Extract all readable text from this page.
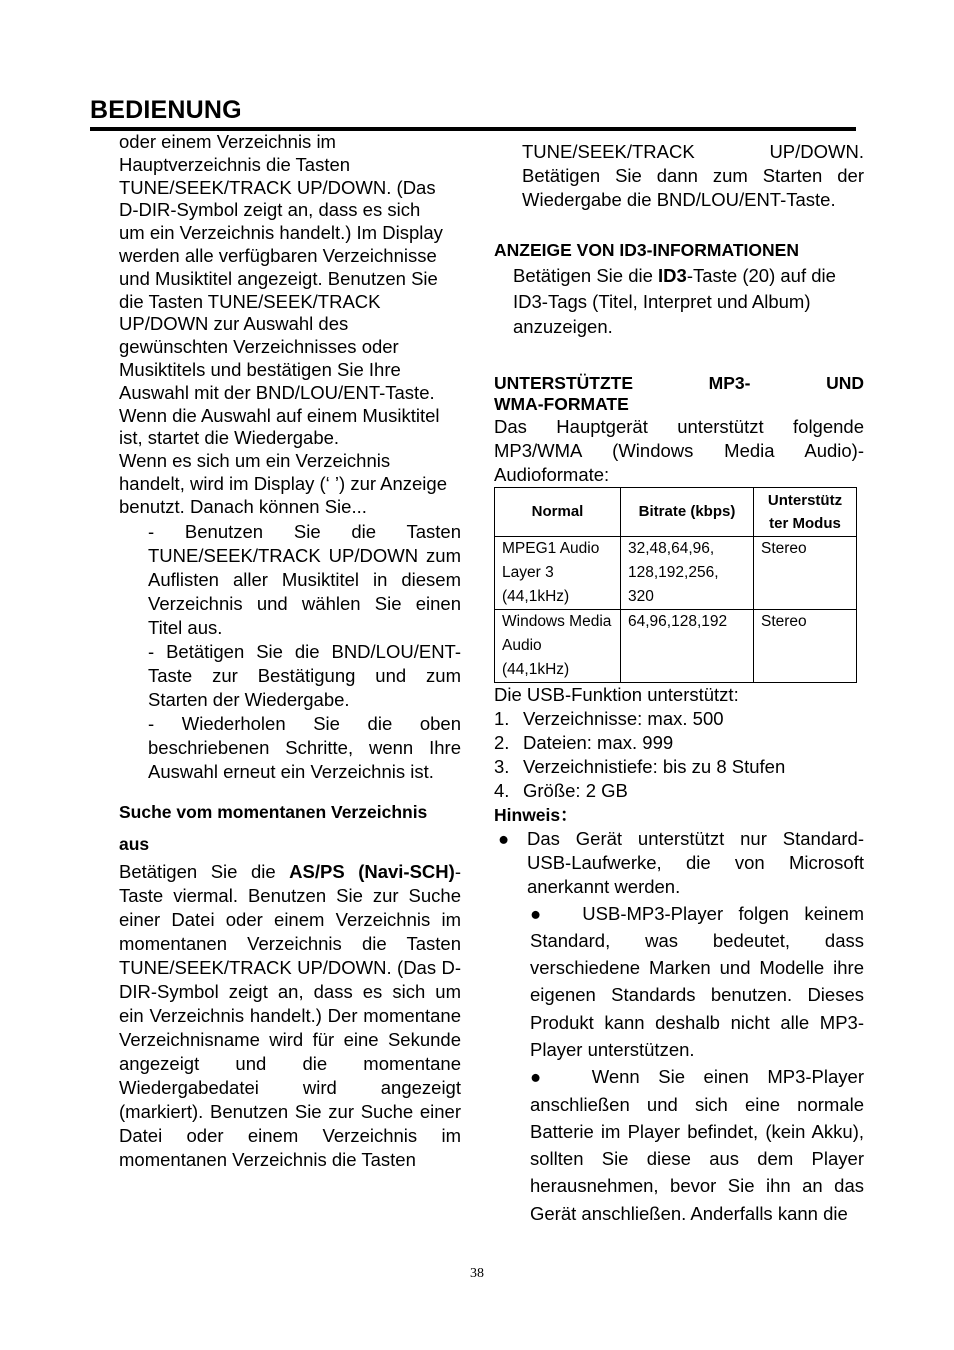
BEDIENUNG
oder einem Verzeichnis im
Hauptverzeichnis die Tasten
TUNE/SEEK/TRACK UP/DOWN. (Das
D-DIR-Symbol zeigt an, dass es sich
um ein Verzeichnis handelt.) Im Display
werden alle verfügbaren Verzeichnisse
und Musiktitel angezeigt. Benutzen Sie
die Tasten TUNE/SEEK/TRACK
UP/DOWN zur Auswahl des
gewünschten Verzeichnisses oder
Musiktitels und bestätigen Sie Ihre
Auswahl mit der BND/LOU/ENT-Taste.
Wenn die Auswahl auf einem Musiktitel
ist, startet die Wiedergabe.
Wenn es sich um ein Verzeichnis
handelt, wird im Display (‘ ’) zur Anzeige
benutzt. Danach können Sie...
- Benutzen Sie die Tasten TUNE/SEEK/TRACK UP/DOWN zum Auflisten aller Musiktitel in diesem Verzeichnis und wählen Sie einen Titel aus.
- Betätigen Sie die BND/LOU/ENT-Taste zur Bestätigung und zum Starten der Wiedergabe.
- Wiederholen Sie die oben beschriebenen Schritte, wenn Ihre Auswahl erneut ein Verzeichnis ist.
Suche vom momentanen Verzeichnis
aus
Betätigen Sie die AS/PS (Navi-SCH)-Taste viermal. Benutzen Sie zur Suche einer Datei oder einem Verzeichnis im momentanen Verzeichnis die Tasten TUNE/SEEK/TRACK UP/DOWN. (Das D-DIR-Symbol zeigt an, dass es sich um ein Verzeichnis handelt.) Der momentane Verzeichnisname wird für eine Sekunde angezeigt und die momentane Wiedergabedatei wird angezeigt (markiert). Benutzen Sie zur Suche einer Datei oder einem Verzeichnis im momentanen Verzeichnis die Tasten
TUNE/SEEK/TRACK UP/DOWN. Betätigen Sie dann zum Starten der Wiedergabe die BND/LOU/ENT-Taste.
ANZEIGE VON ID3-INFORMATIONEN
Betätigen Sie die ID3-Taste (20) auf die ID3-Tags (Titel, Interpret und Album) anzuzeigen.
UNTERSTÜTZTE MP3- UND
WMA-FORMATE
Das Hauptgerät unterstützt folgende MP3/WMA (Windows Media Audio)-Audioformate:
Normal	Bitrate (kbps)	Unterstütz ter Modus
MPEG1 Audio Layer 3 (44,1kHz)	32,48,64,96, 128,192,256, 320	Stereo
Windows Media Audio (44,1kHz)	64,96,128,192	Stereo
Die USB-Funktion unterstützt:
1. Verzeichnisse: max. 500
2. Dateien: max. 999
3. Verzeichnistiefe: bis zu 8 Stufen
4. Größe: 2 GB
Hinweis：
● Das Gerät unterstützt nur Standard-USB-Laufwerke, die von Microsoft anerkannt werden.
●  USB-MP3-Player folgen keinem Standard, was bedeutet, dass verschiedene Marken und Modelle ihre eigenen Standards benutzen. Dieses Produkt kann deshalb nicht alle MP3-Player unterstützen.
●  Wenn Sie einen MP3-Player anschließen und sich eine normale Batterie im Player befindet, (kein Akku), sollten Sie diese aus dem Player herausnehmen, bevor Sie ihn an das Gerät anschließen. Anderfalls kann die
38
